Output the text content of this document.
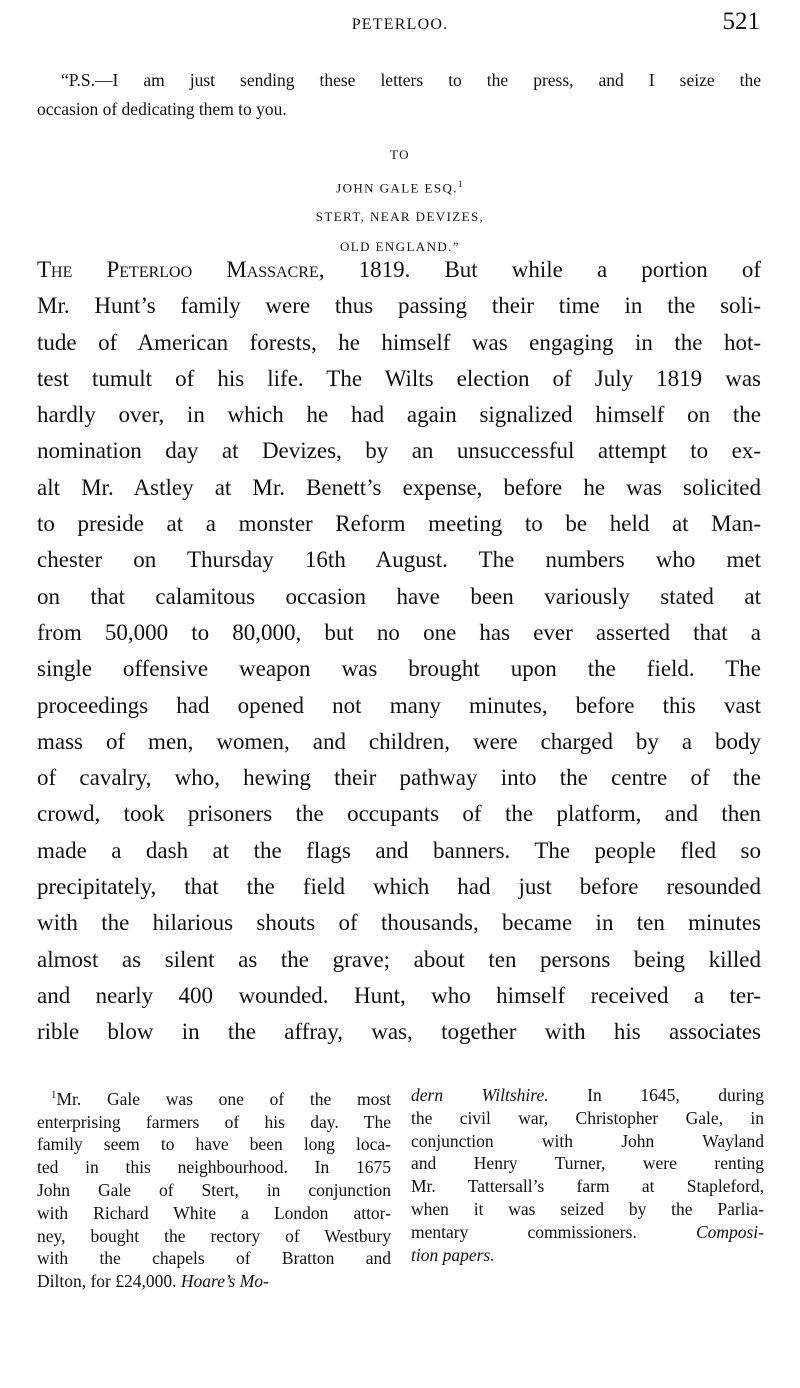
PETERLOO.	521

“P.S.—I am just sending these letters to the press, and I seize the

occasion of dedicating them to you.

TO

JOHN GALE ESQ.$^1$

STERT, NEAR DEVIZES,

OLD ENGLAND.”

The Peterloo Massacre, 1819. But while a portion of

Mr. Hunt’s family were thus passing their time in the soli-

tude of American forests, he himself was engaging in the hot-

test tumult of his life. The Wilts election of July 1819 was

hardly over, in which he had again signalized himself on the

nomination day at Devizes, by an unsuccessful attempt to ex-

alt Mr. Astley at Mr. Benett’s expense, before he was solicited

to preside at a monster Reform meeting to be held at Man-

chester on Thursday 16th August. The numbers who met

on that calamitous occasion have been variously stated at

from 50,000 to 80,000, but no one has ever asserted that a

single offensive weapon was brought upon the field. The

proceedings had opened not many minutes, before this vast

mass of men, women, and children, were charged by a body

of cavalry, who, hewing their pathway into the centre of the

crowd, took prisoners the occupants of the platform, and then

made a dash at the flags and banners. The people fled so

precipitately, that the field which had just before resounded

with the hilarious shouts of thousands, became in ten minutes

almost as silent as the grave; about ten persons being killed

and nearly 400 wounded. Hunt, who himself received a ter-

rible blow in the affray, was, together with his associates

$^1$Mr. Gale was one of the most

enterprising farmers of his day. The

family seem to have been long loca-

ted in this neighbourhood. In 1675

John Gale of Stert, in conjunction

with Richard White a London attor-

ney, bought the rectory of Westbury

with the chapels of Bratton and

Dilton, for £24,000. Hoare’s Mo-

dern Wiltshire. In 1645, during

the civil war, Christopher Gale, in

conjunction with John Wayland

and Henry Turner, were renting

Mr. Tattersall’s farm at Stapleford,

when it was seized by the Parlia-

mentary commissioners. Composi-

tion papers.
